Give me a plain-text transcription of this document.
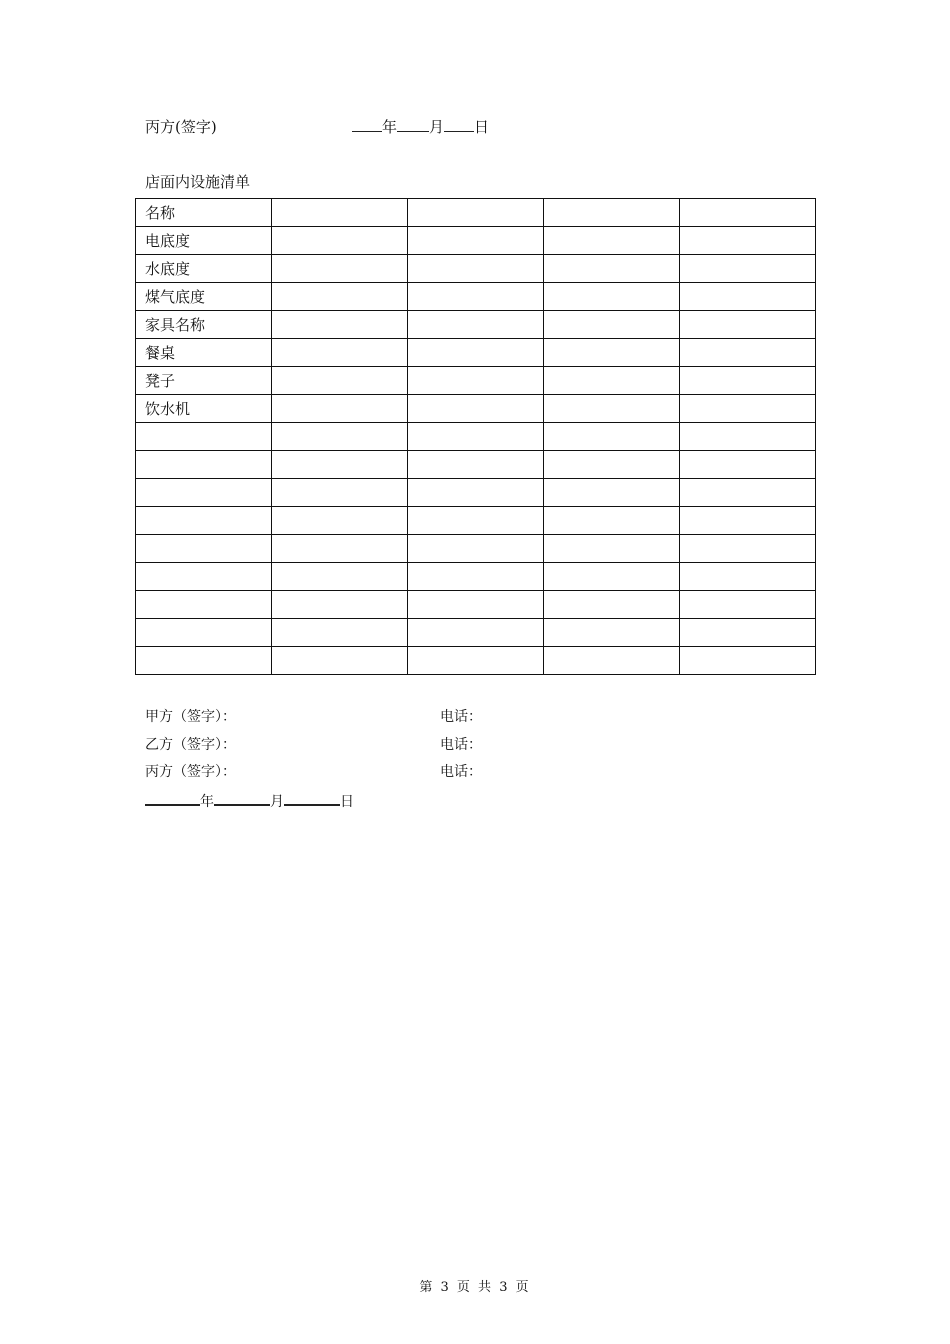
丙方(签字)	年 月 日
店面内设施清单
名称				
电底度				
水底度				
煤气底度				
家具名称				
餐桌				
凳子				
饮水机				

甲方（签字）：	电话：
乙方（签字）：	电话：
丙方（签字）：	电话：
年	月	日
第 3 页 共 3 页
